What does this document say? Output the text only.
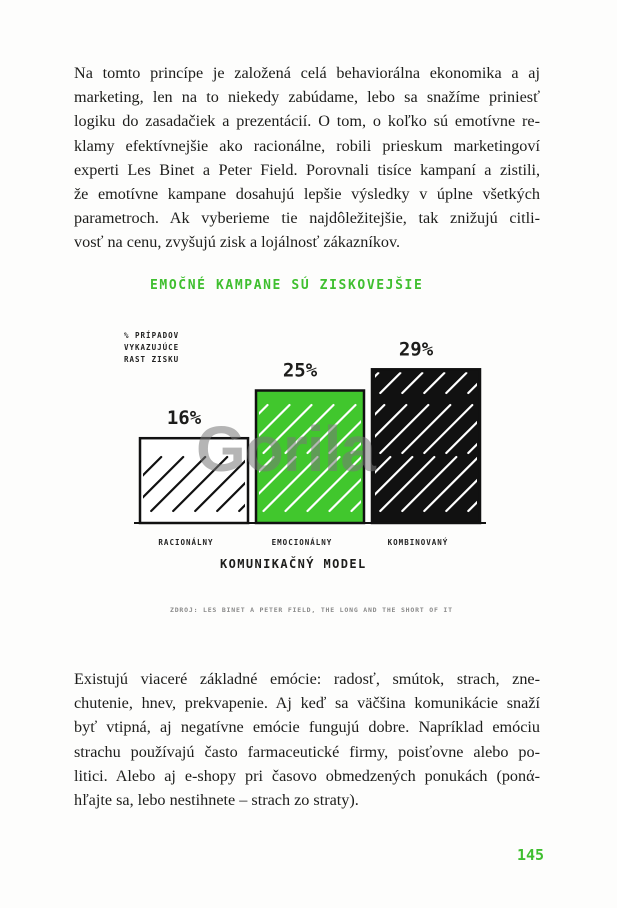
Na tomto princípe je založená celá behaviorálna ekonomika a aj
marketing, len na to niekedy zabúdame, lebo sa snažíme priniesť
logiku do zasadačiek a prezentácií. O tom, o koľko sú emotívne re-
klamy efektívnejšie ako racionálne, robili prieskum marketingoví
experti Les Binet a Peter Field. Porovnali tisíce kampaní a zistili,
že emotívne kampane dosahujú lepšie výsledky v úplne všetkých
parametroch. Ak vyberieme tie najdôležitejšie, tak znižujú citli-
vosť na cenu, zvyšujú zisk a lojálnosť zákazníkov.

EMOČNÉ KAMPANE SÚ ZISKOVEJŠIE
% PRÍPADOV
VYKAZUJÚCE
RAST ZISKU
16%
RACIONÁLNY
25%
EMOCIONÁLNY
29%
KOMBINOVANÝ
KOMUNIKAČNÝ MODEL
ZDROJ: LES BINET A PETER FIELD, THE LONG AND THE SHORT OF IT
Gorila

Existujú viaceré základné emócie: radosť, smútok, strach, zne-
chutenie, hnev, prekvapenie. Aj keď sa väčšina komunikácie snaží
byť vtipná, aj negatívne emócie fungujú dobre. Napríklad emóciu
strachu používajú často farmaceutické firmy, poisťovne alebo po-
litici. Alebo aj e-shopy pri časovo obmedzených ponukách (ponά-
hľajte sa, lebo nestihnete – strach zo straty).

145
